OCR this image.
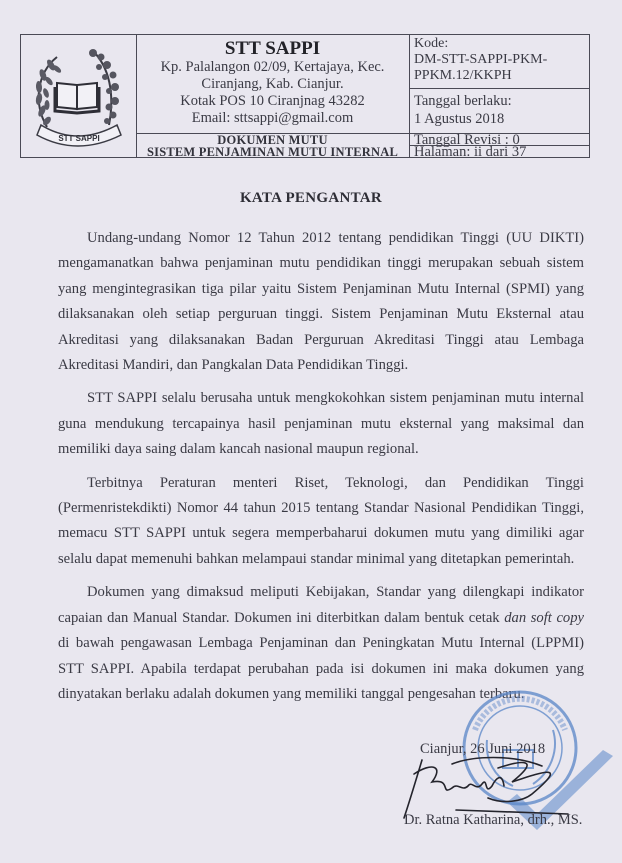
STT SAPPI
STT SAPPI
Kp. Palalangon 02/09, Kertajaya, Kec.
Ciranjang, Kab. Cianjur.
Kotak POS 10 Ciranjnag 43282
Email: sttsappi@gmail.com
DOKUMEN MUTU
SISTEM PENJAMINAN MUTU INTERNAL
Kode:
DM-STT-SAPPI-PKM-
PPKM.12/KKPH
Tanggal berlaku:
1 Agustus 2018
Tanggal Revisi : 0
Halaman: ii dari 37
KATA PENGANTAR

Undang-undang Nomor 12 Tahun 2012 tentang pendidikan Tinggi (UU DIKTI) mengamanatkan bahwa penjaminan mutu pendidikan tinggi merupakan sebuah sistem yang mengintegrasikan tiga pilar yaitu Sistem Penjaminan Mutu Internal (SPMI) yang dilaksanakan oleh setiap perguruan tinggi. Sistem Penjaminan Mutu Eksternal atau Akreditasi yang dilaksanakan Badan Perguruan Akreditasi Tinggi atau Lembaga Akreditasi Mandiri, dan Pangkalan Data Pendidikan Tinggi.

STT SAPPI selalu berusaha untuk mengkokohkan sistem penjaminan mutu internal guna mendukung tercapainya hasil penjaminan mutu eksternal yang maksimal dan memiliki daya saing dalam kancah nasional maupun regional.

Terbitnya Peraturan menteri Riset, Teknologi, dan Pendidikan Tinggi (Permenristekdikti) Nomor 44 tahun 2015 tentang Standar Nasional Pendidikan Tinggi, memacu STT SAPPI untuk segera memperbaharui dokumen mutu yang dimiliki agar selalu dapat memenuhi bahkan melampaui standar minimal yang ditetapkan pemerintah.

Dokumen yang dimaksud meliputi Kebijakan, Standar yang dilengkapi indikator capaian dan Manual Standar. Dokumen ini diterbitkan dalam bentuk cetak dan soft copy di bawah pengawasan Lembaga Penjaminan dan Peningkatan Mutu Internal (LPPMI) STT SAPPI. Apabila terdapat perubahan pada isi dokumen ini maka dokumen yang dinyatakan berlaku adalah dokumen yang memiliki tanggal pengesahan terbaru.

Cianjur, 26 Juni 2018
Dr. Ratna Katharina, drh., MS.
